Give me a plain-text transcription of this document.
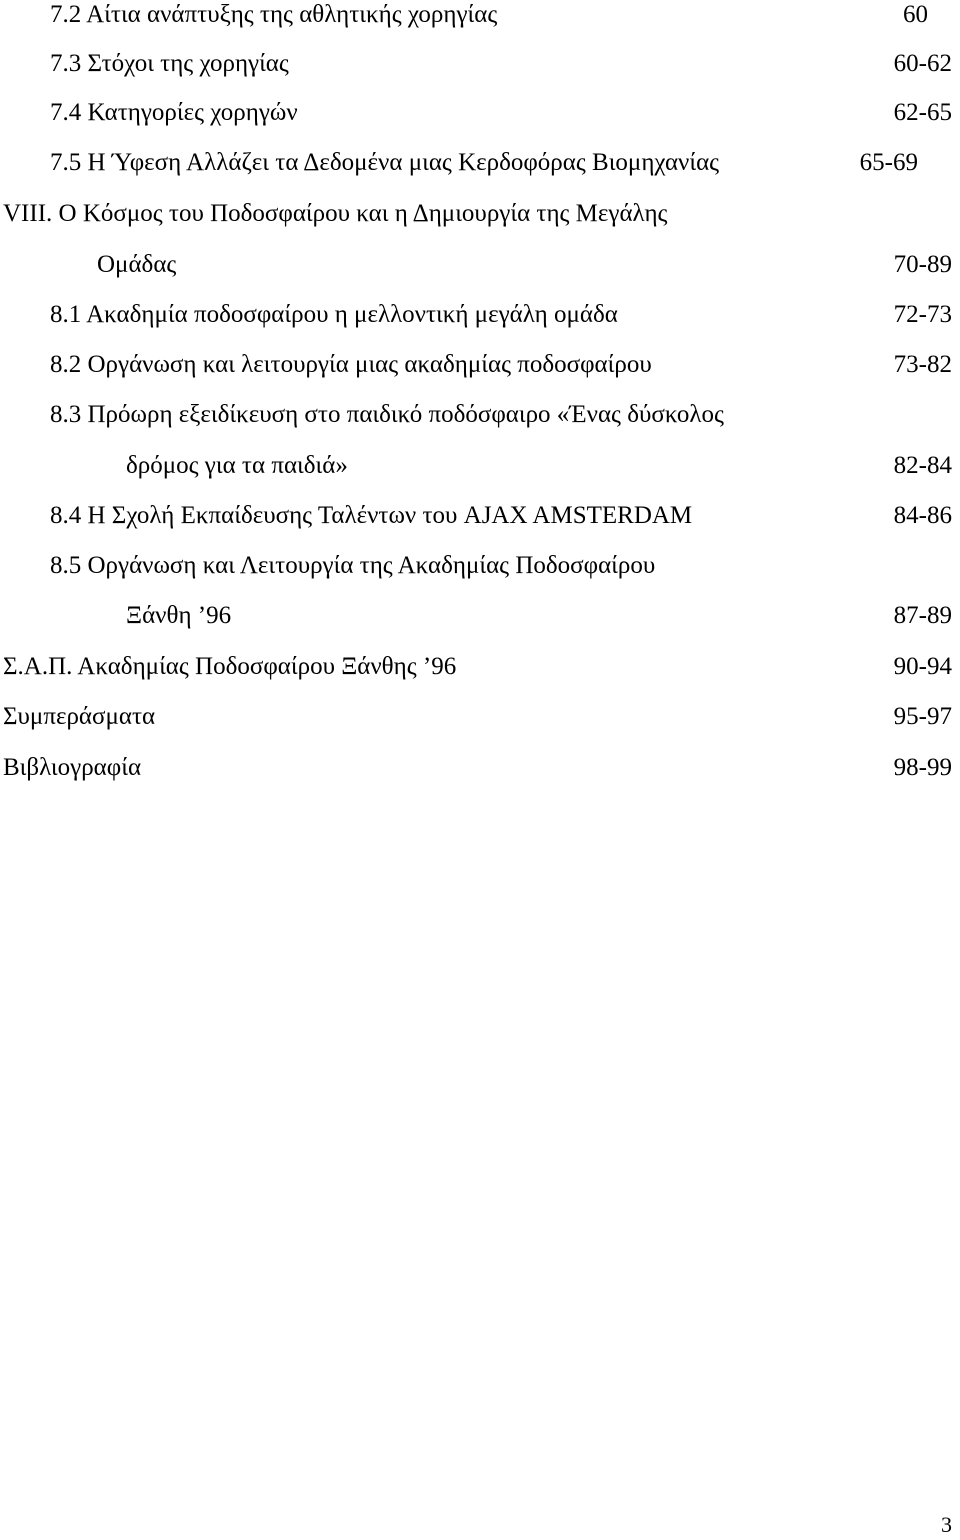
7.2 Αίτια ανάπτυξης της αθλητικής χορηγίας	60
7.3 Στόχοι της χορηγίας	60-62
7.4 Κατηγορίες χορηγών	62-65
7.5 Η Ύφεση Αλλάζει τα Δεδομένα μιας Κερδοφόρας Βιομηχανίας	65-69
VIII. Ο Κόσμος του Ποδοσφαίρου και η Δημιουργία της Μεγάλης
Ομάδας	70-89
8.1 Ακαδημία ποδοσφαίρου η μελλοντική μεγάλη ομάδα	72-73
8.2 Οργάνωση και λειτουργία μιας ακαδημίας ποδοσφαίρου	73-82
8.3 Πρόωρη εξειδίκευση στο παιδικό ποδόσφαιρο «Ένας δύσκολος
δρόμος για τα παιδιά»	82-84
8.4 Η Σχολή Εκπαίδευσης Ταλέντων του AJAX AMSTERDAM	84-86
8.5 Οργάνωση και Λειτουργία της Ακαδημίας Ποδοσφαίρου
Ξάνθη ’96	87-89
Σ.Α.Π. Ακαδημίας Ποδοσφαίρου Ξάνθης ’96	90-94
Συμπεράσματα	95-97
Βιβλιογραφία	98-99
3
